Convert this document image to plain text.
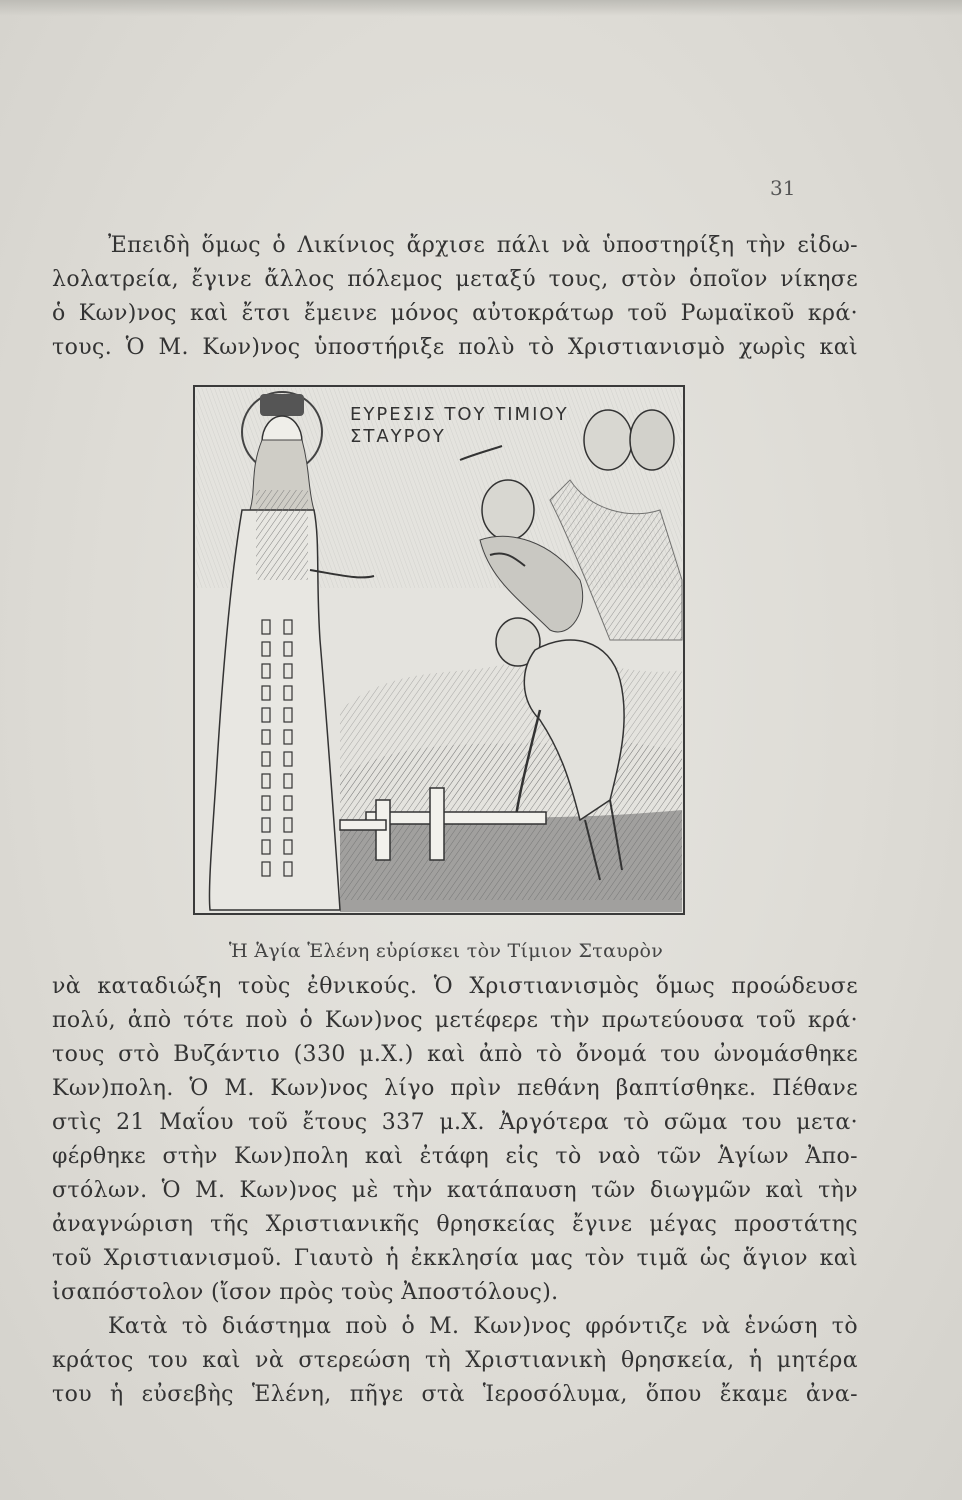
31
Ἐπειδὴ ὅμως ὁ Λικίνιος ἄρχισε πάλι νὰ ὑποστηρίξη τὴν εἰδω-
λολατρεία, ἔγινε ἄλλος πόλεμος μεταξύ τους, στὸν ὁποῖον νίκησε
ὁ Κων)νος καὶ ἔτσι ἔμεινε μόνος αὐτοκράτωρ τοῦ Ρωμαϊκοῦ κρά·
τους. Ὁ Μ. Κων)νος ὑποστήριξε πολὺ τὸ Χριστιανισμὸ χωρὶς καὶ
ΕΥΡΕΣΙΣ ΤΟΥ ΤΙΜΙΟΥ
ΣΤΑΥΡΟΥ
Ἡ Ἁγία Ἑλένη εὑρίσκει τὸν Τίμιον Σταυρὸν
νὰ καταδιώξη τοὺς ἐθνικούς. Ὁ Χριστιανισμὸς ὅμως προώδευσε
πολύ, ἀπὸ τότε ποὺ ὁ Κων)νος μετέφερε τὴν πρωτεύουσα τοῦ κρά·
τους στὸ Βυζάντιο (330 μ.Χ.) καὶ ἀπὸ τὸ ὄνομά του ὠνομάσθηκε
Κων)πολη. Ὁ Μ. Κων)νος λίγο πρὶν πεθάνη βαπτίσθηκε. Πέθανε
στὶς 21 Μαΐου τοῦ ἔτους 337 μ.Χ. Ἀργότερα τὸ σῶμα του μετα·
φέρθηκε στὴν Κων)πολη καὶ ἐτάφη εἰς τὸ ναὸ τῶν Ἁγίων Ἀπο-
στόλων. Ὁ Μ. Κων)νος μὲ τὴν κατάπαυση τῶν διωγμῶν καὶ τὴν
ἀναγνώριση τῆς Χριστιανικῆς θρησκείας ἔγινε μέγας προστάτης
τοῦ Χριστιανισμοῦ. Γιαυτὸ ἡ ἐκκλησία μας τὸν τιμᾶ ὡς ἅγιον καὶ
ἰσαπόστολον (ἴσον πρὸς τοὺς Ἀποστόλους).
Κατὰ τὸ διάστημα ποὺ ὁ Μ. Κων)νος φρόντιζε νὰ ἑνώση τὸ
κράτος του καὶ νὰ στερεώση τὴ Χριστιανικὴ θρησκεία, ἡ μητέρα
του ἡ εὐσεβὴς Ἑλένη, πῆγε στὰ Ἱεροσόλυμα, ὅπου ἔκαμε ἀνα-
